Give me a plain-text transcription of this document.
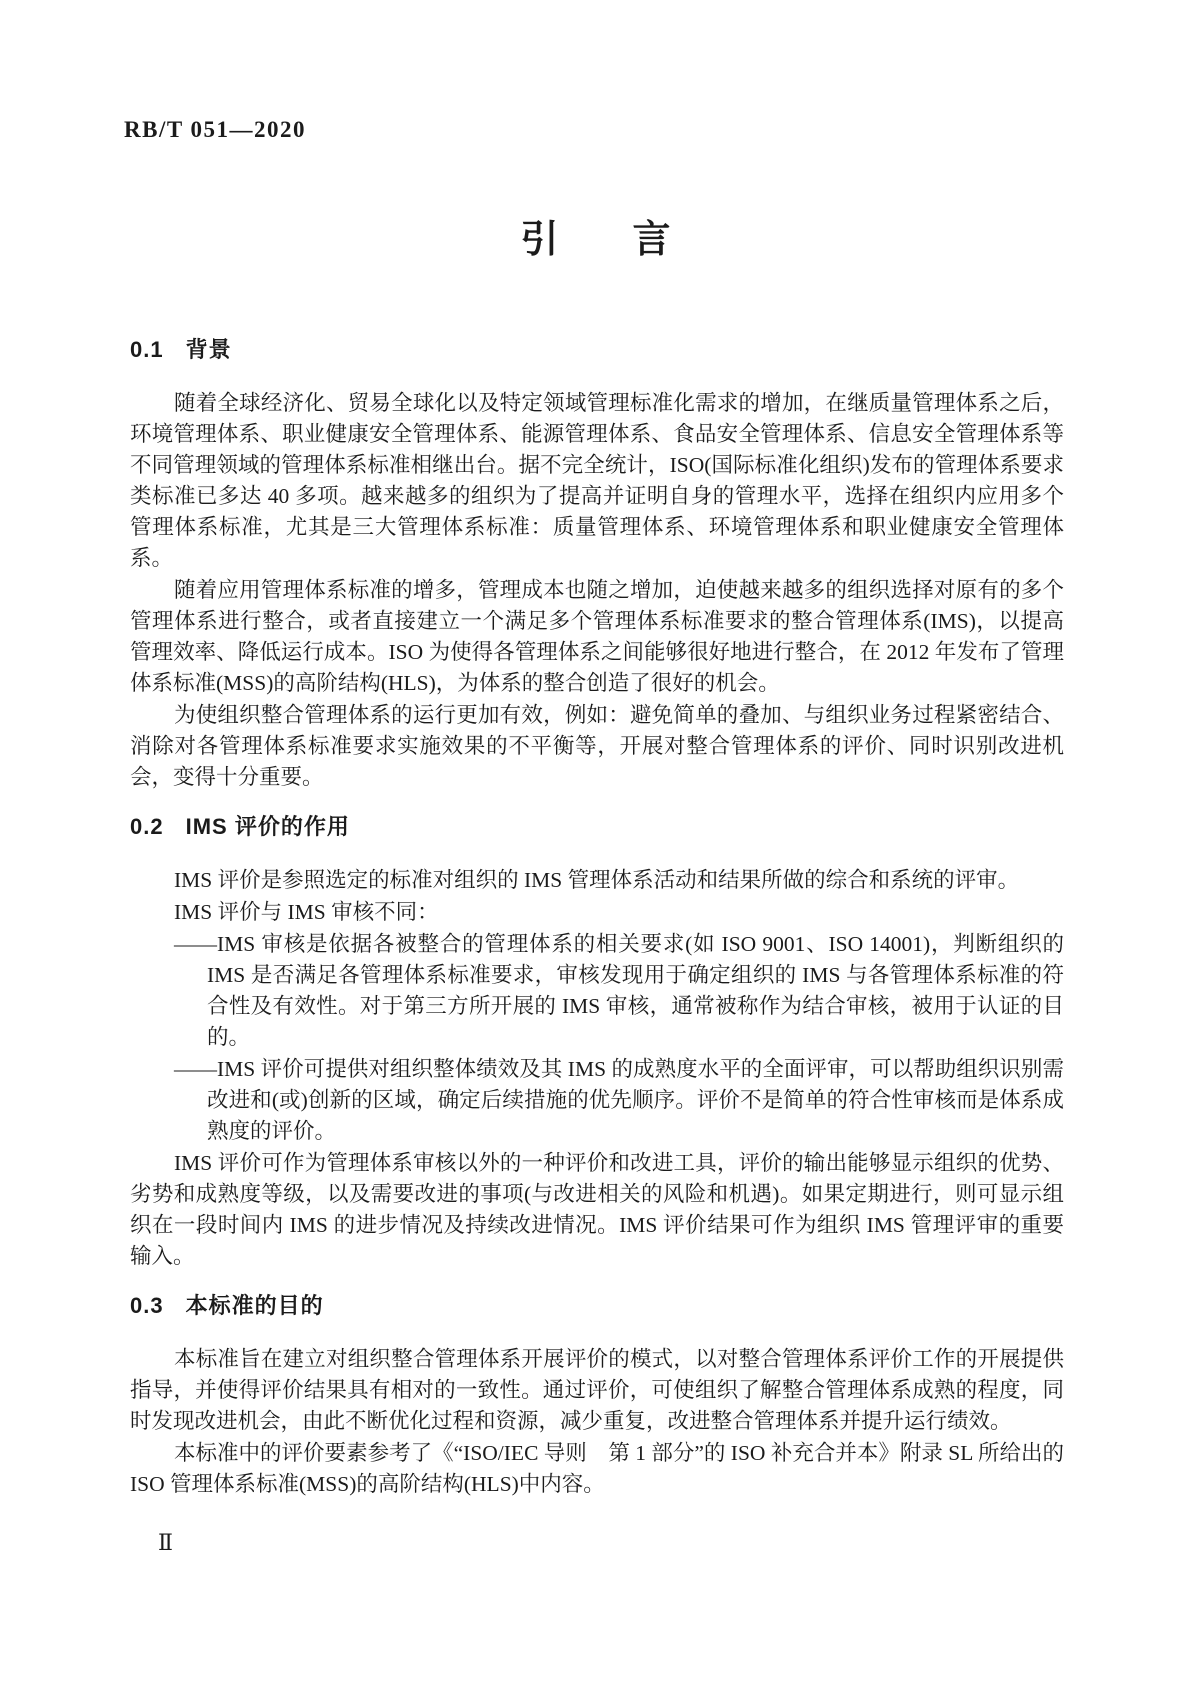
RB/T 051—2020
引言
0.1 背景

随着全球经济化、贸易全球化以及特定领域管理标准化需求的增加，在继质量管理体系之后，环境管理体系、职业健康安全管理体系、能源管理体系、食品安全管理体系、信息安全管理体系等不同管理领域的管理体系标准相继出台。据不完全统计，ISO(国际标准化组织)发布的管理体系要求类标准已多达 40 多项。越来越多的组织为了提高并证明自身的管理水平，选择在组织内应用多个管理体系标准，尤其是三大管理体系标准：质量管理体系、环境管理体系和职业健康安全管理体系。

随着应用管理体系标准的增多，管理成本也随之增加，迫使越来越多的组织选择对原有的多个管理体系进行整合，或者直接建立一个满足多个管理体系标准要求的整合管理体系(IMS)，以提高管理效率、降低运行成本。ISO 为使得各管理体系之间能够很好地进行整合，在 2012 年发布了管理体系标准(MSS)的高阶结构(HLS)，为体系的整合创造了很好的机会。

为使组织整合管理体系的运行更加有效，例如：避免简单的叠加、与组织业务过程紧密结合、消除对各管理体系标准要求实施效果的不平衡等，开展对整合管理体系的评价、同时识别改进机会，变得十分重要。

0.2 IMS 评价的作用

IMS 评价是参照选定的标准对组织的 IMS 管理体系活动和结果所做的综合和系统的评审。

IMS 评价与 IMS 审核不同：

——IMS 审核是依据各被整合的管理体系的相关要求(如 ISO 9001、ISO 14001)，判断组织的 IMS 是否满足各管理体系标准要求，审核发现用于确定组织的 IMS 与各管理体系标准的符合性及有效性。对于第三方所开展的 IMS 审核，通常被称作为结合审核，被用于认证的目的。

——IMS 评价可提供对组织整体绩效及其 IMS 的成熟度水平的全面评审，可以帮助组织识别需改进和(或)创新的区域，确定后续措施的优先顺序。评价不是简单的符合性审核而是体系成熟度的评价。

IMS 评价可作为管理体系审核以外的一种评价和改进工具，评价的输出能够显示组织的优势、劣势和成熟度等级，以及需要改进的事项(与改进相关的风险和机遇)。如果定期进行，则可显示组织在一段时间内 IMS 的进步情况及持续改进情况。IMS 评价结果可作为组织 IMS 管理评审的重要输入。

0.3 本标准的目的

本标准旨在建立对组织整合管理体系开展评价的模式，以对整合管理体系评价工作的开展提供指导，并使得评价结果具有相对的一致性。通过评价，可使组织了解整合管理体系成熟的程度，同时发现改进机会，由此不断优化过程和资源，减少重复，改进整合管理体系并提升运行绩效。

本标准中的评价要素参考了《“ISO/IEC 导则　第 1 部分”的 ISO 补充合并本》附录 SL 所给出的 ISO 管理体系标准(MSS)的高阶结构(HLS)中内容。

Ⅱ
